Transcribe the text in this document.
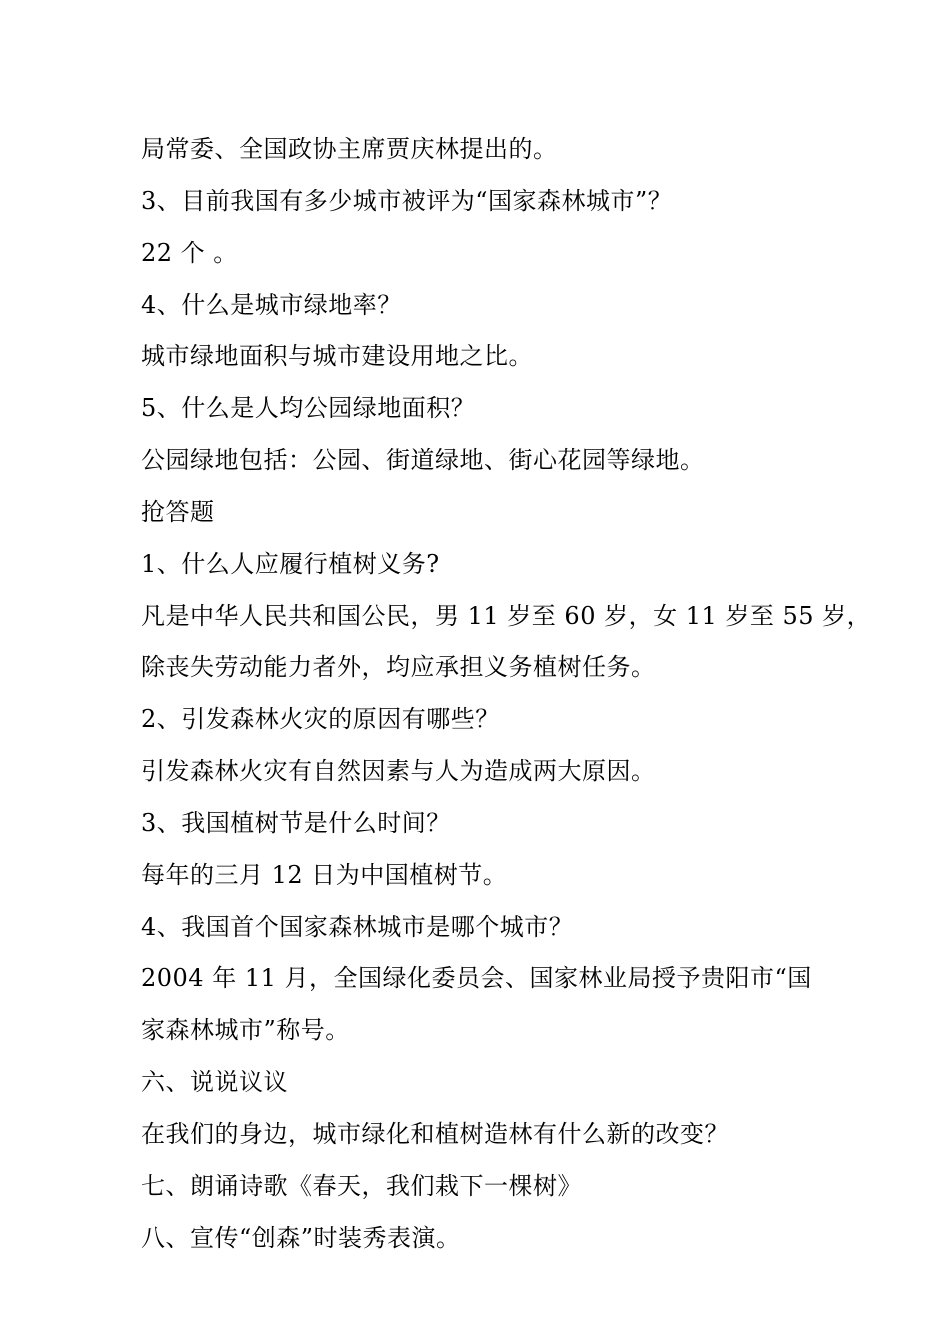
局常委、全国政协主席贾庆林提出的。
3、目前我国有多少城市被评为“国家森林城市”？
22 个 。
4、什么是城市绿地率？
城市绿地面积与城市建设用地之比。
5、什么是人均公园绿地面积？
公园绿地包括：公园、街道绿地、街心花园等绿地。
抢答题
1、什么人应履行植树义务?
凡是中华人民共和国公民，男 11 岁至 60 岁，女 11 岁至 55 岁，
除丧失劳动能力者外，均应承担义务植树任务。
2、引发森林火灾的原因有哪些？
引发森林火灾有自然因素与人为造成两大原因。
3、我国植树节是什么时间？
每年的三月 12 日为中国植树节。
4、我国首个国家森林城市是哪个城市？
2004 年 11 月，全国绿化委员会、国家林业局授予贵阳市“国
家森林城市”称号。
六、说说议议
在我们的身边，城市绿化和植树造林有什么新的改变？
七、朗诵诗歌《春天，我们栽下一棵树》
八、宣传“创森”时装秀表演。
